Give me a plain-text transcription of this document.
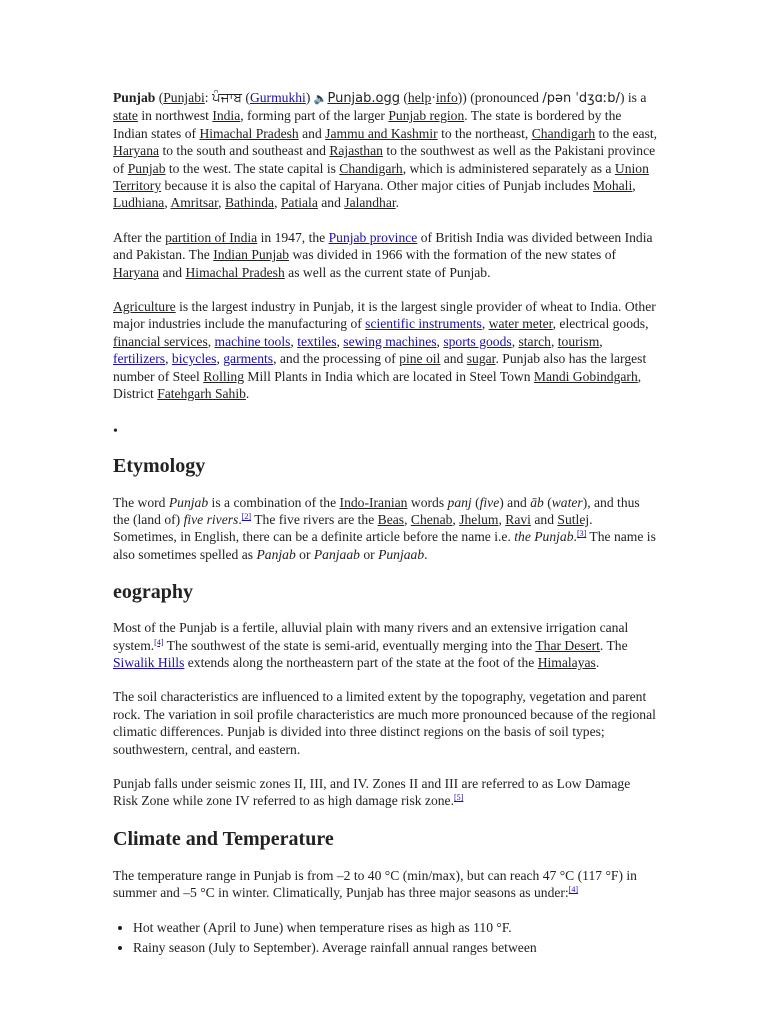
Punjab (Punjabi: ਪੰਜਾਬ (Gurmukhi) 🔈Punjab.ogg (help·info)) (pronounced /pən ˈdʒɑːb/) is a state in northwest India, forming part of the larger Punjab region. The state is bordered by the Indian states of Himachal Pradesh and Jammu and Kashmir to the northeast, Chandigarh to the east, Haryana to the south and southeast and Rajasthan to the southwest as well as the Pakistani province of Punjab to the west. The state capital is Chandigarh, which is administered separately as a Union Territory because it is also the capital of Haryana. Other major cities of Punjab includes Mohali, Ludhiana, Amritsar, Bathinda, Patiala and Jalandhar.

After the partition of India in 1947, the Punjab province of British India was divided between India and Pakistan. The Indian Punjab was divided in 1966 with the formation of the new states of Haryana and Himachal Pradesh as well as the current state of Punjab.

Agriculture is the largest industry in Punjab, it is the largest single provider of wheat to India. Other major industries include the manufacturing of scientific instruments, water meter, electrical goods, financial services, machine tools, textiles, sewing machines, sports goods, starch, tourism, fertilizers, bicycles, garments, and the processing of pine oil and sugar. Punjab also has the largest number of Steel Rolling Mill Plants in India which are located in Steel Town Mandi Gobindgarh, District Fatehgarh Sahib.

•
Etymology

The word Punjab is a combination of the Indo-Iranian words panj (five) and āb (water), and thus the (land of) five rivers.[2] The five rivers are the Beas, Chenab, Jhelum, Ravi and Sutlej. Sometimes, in English, there can be a definite article before the name i.e. the Punjab.[3] The name is also sometimes spelled as Panjab or Panjaab or Punjaab.

eography

Most of the Punjab is a fertile, alluvial plain with many rivers and an extensive irrigation canal system.[4] The southwest of the state is semi-arid, eventually merging into the Thar Desert. The Siwalik Hills extends along the northeastern part of the state at the foot of the Himalayas.

The soil characteristics are influenced to a limited extent by the topography, vegetation and parent rock. The variation in soil profile characteristics are much more pronounced because of the regional climatic differences. Punjab is divided into three distinct regions on the basis of soil types; southwestern, central, and eastern.

Punjab falls under seismic zones II, III, and IV. Zones II and III are referred to as Low Damage Risk Zone while zone IV referred to as high damage risk zone.[5]

Climate and Temperature

The temperature range in Punjab is from –2 to 40 °C (min/max), but can reach 47 °C (117 °F) in summer and –5 °C in winter. Climatically, Punjab has three major seasons as under:[4]

• Hot weather (April to June) when temperature rises as high as 110 °F.
• Rainy season (July to September). Average rainfall annual ranges between
